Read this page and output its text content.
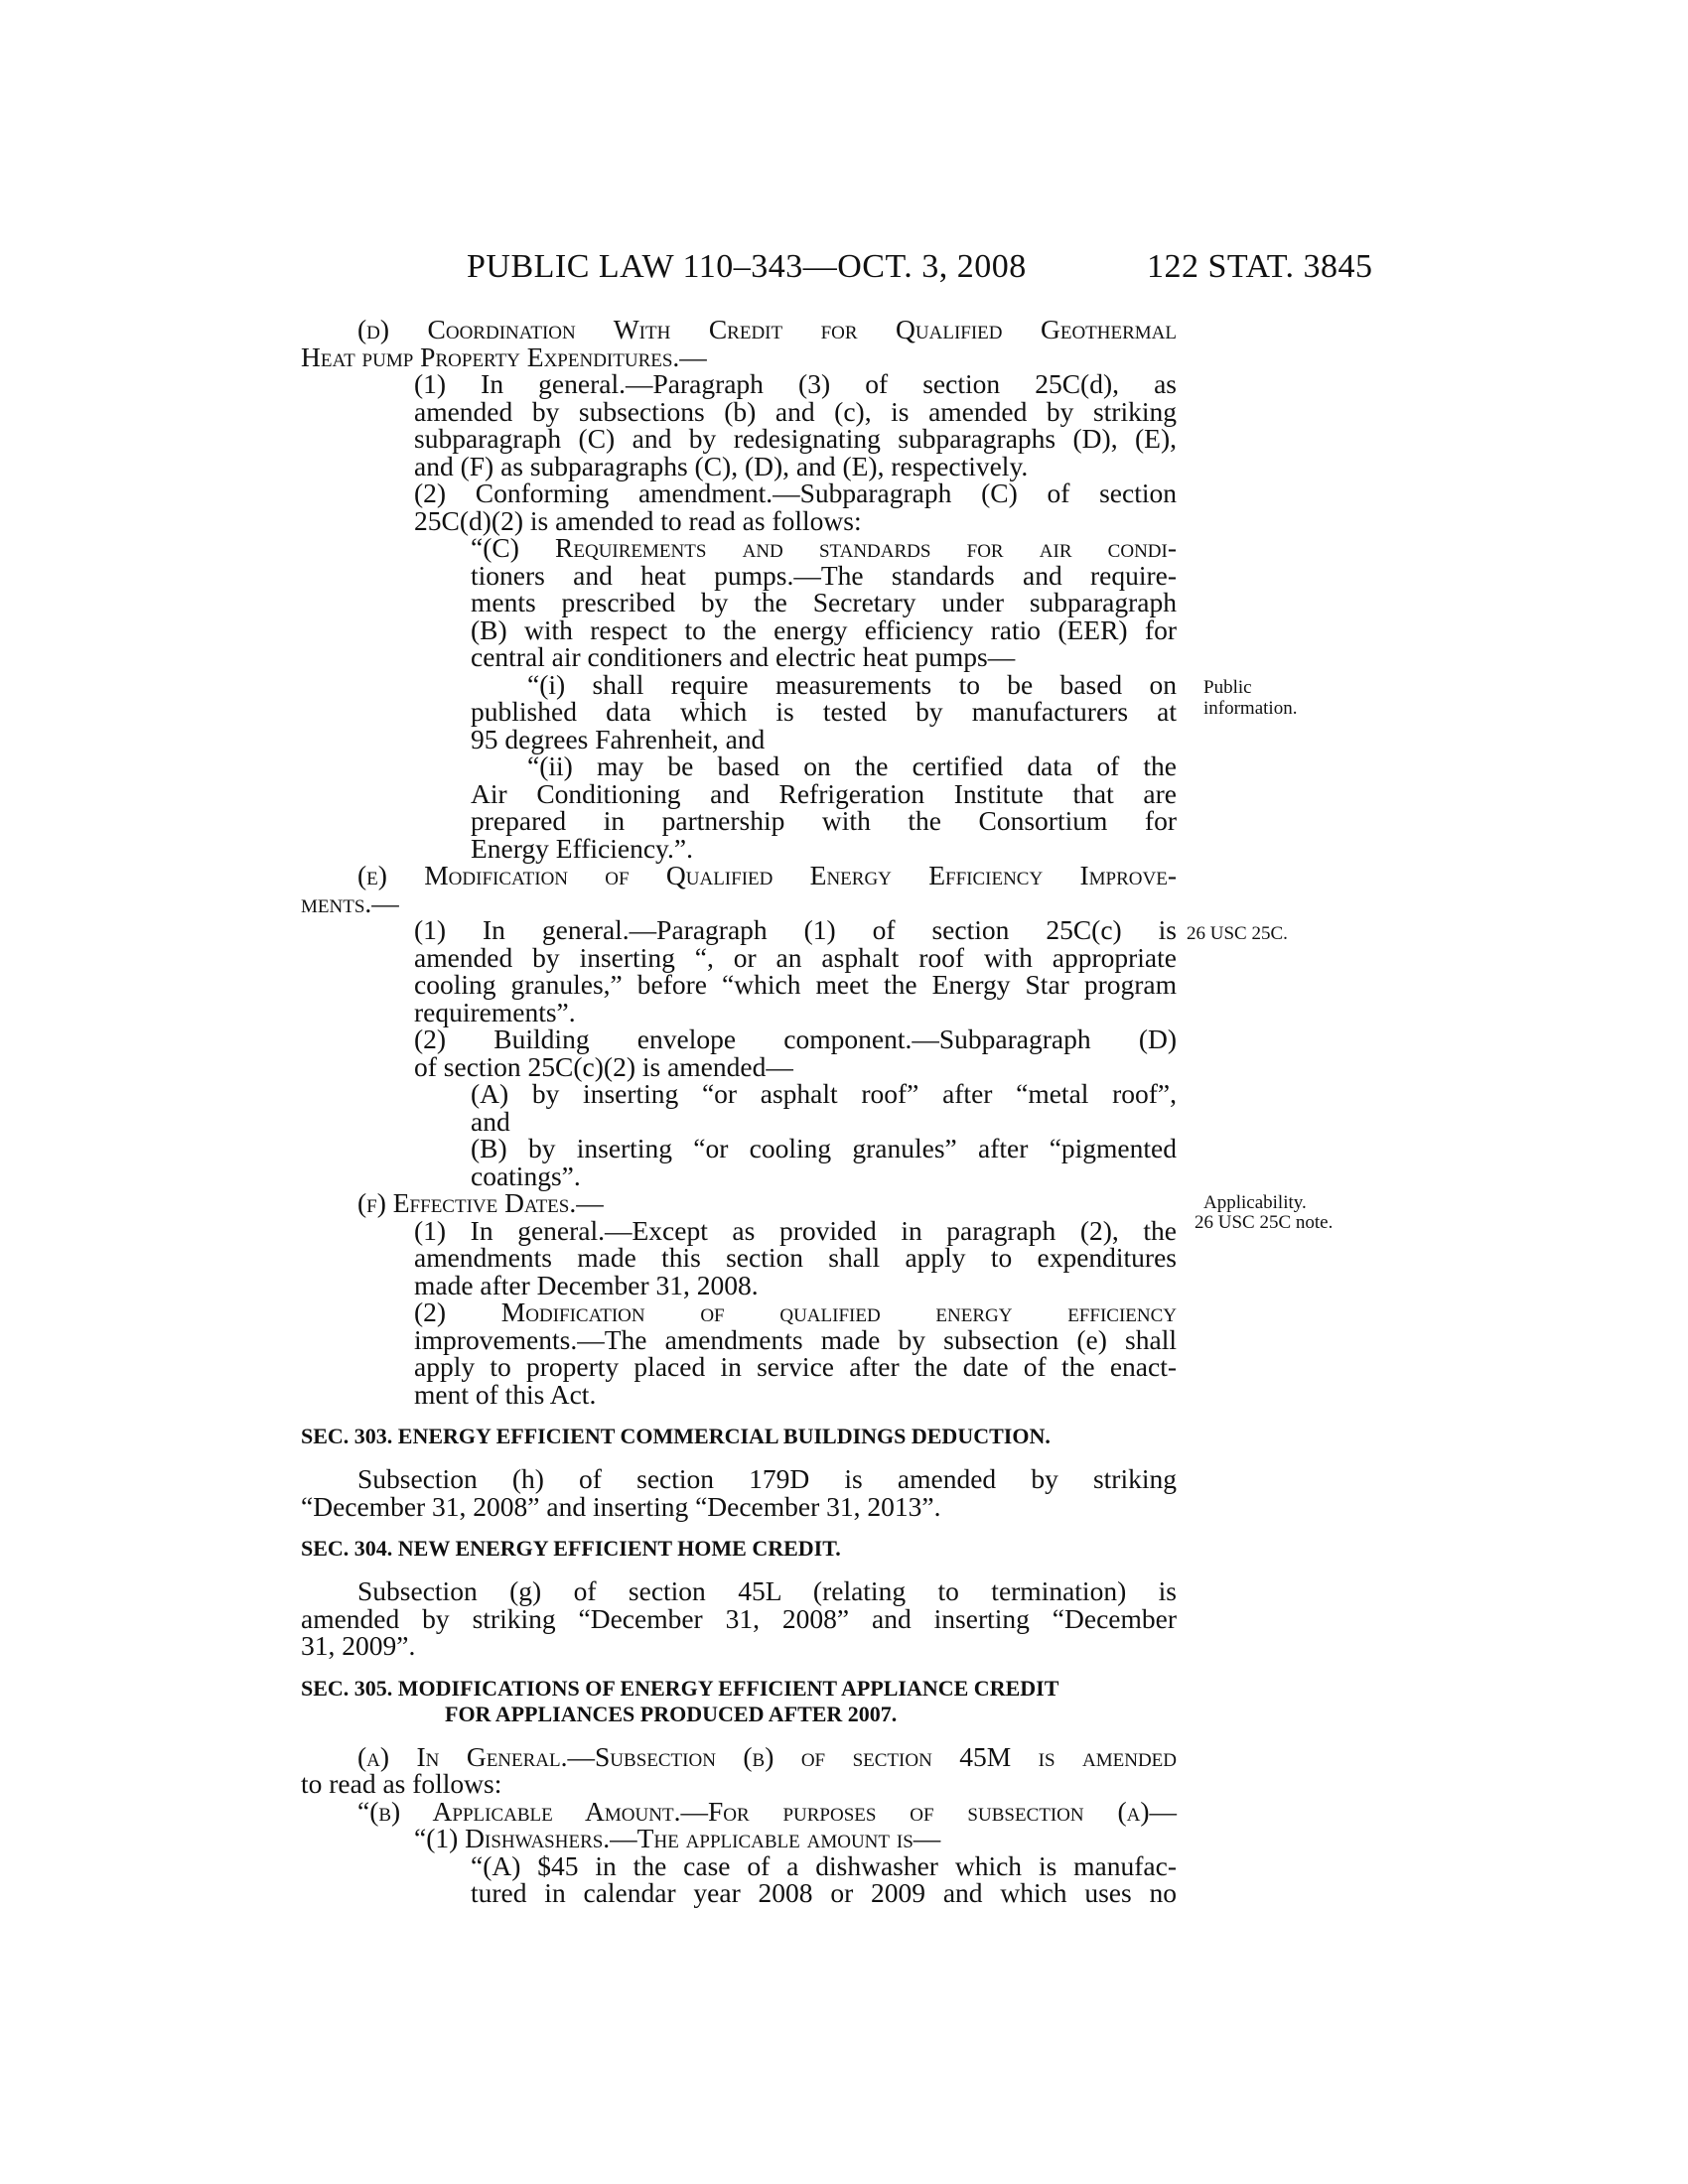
PUBLIC LAW 110–343—OCT. 3, 2008	122 STAT. 3845
Public
information.
26 USC 25C.
Applicability.
26 USC 25C note.
(d) Coordination With Credit for Qualified Geothermal
Heat pump Property Expenditures.—
(1) In general.—Paragraph (3) of section 25C(d), as
amended by subsections (b) and (c), is amended by striking
subparagraph (C) and by redesignating subparagraphs (D), (E),
and (F) as subparagraphs (C), (D), and (E), respectively.
(2) Conforming amendment.—Subparagraph (C) of section
25C(d)(2) is amended to read as follows:
“(C) Requirements and standards for air condi-
tioners and heat pumps.—The standards and require-
ments prescribed by the Secretary under subparagraph
(B) with respect to the energy efficiency ratio (EER) for
central air conditioners and electric heat pumps—
“(i) shall require measurements to be based on
published data which is tested by manufacturers at
95 degrees Fahrenheit, and
“(ii) may be based on the certified data of the
Air Conditioning and Refrigeration Institute that are
prepared in partnership with the Consortium for
Energy Efficiency.”.
(e) Modification of Qualified Energy Efficiency Improve-
ments.—
(1) In general.—Paragraph (1) of section 25C(c) is
amended by inserting “, or an asphalt roof with appropriate
cooling granules,” before “which meet the Energy Star program
requirements”.
(2) Building envelope component.—Subparagraph (D)
of section 25C(c)(2) is amended—
(A) by inserting “or asphalt roof” after “metal roof”,
and
(B) by inserting “or cooling granules” after “pigmented
coatings”.
(f) Effective Dates.—
(1) In general.—Except as provided in paragraph (2), the
amendments made this section shall apply to expenditures
made after December 31, 2008.
(2) Modification of qualified energy efficiency
improvements.—The amendments made by subsection (e) shall
apply to property placed in service after the date of the enact-
ment of this Act.
SEC. 303. ENERGY EFFICIENT COMMERCIAL BUILDINGS DEDUCTION.
Subsection (h) of section 179D is amended by striking
“December 31, 2008” and inserting “December 31, 2013”.
SEC. 304. NEW ENERGY EFFICIENT HOME CREDIT.
Subsection (g) of section 45L (relating to termination) is
amended by striking “December 31, 2008” and inserting “December
31, 2009”.
SEC. 305. MODIFICATIONS OF ENERGY EFFICIENT APPLIANCE CREDIT
FOR APPLIANCES PRODUCED AFTER 2007.
(a) In General.—Subsection (b) of section 45M is amended
to read as follows:
“(b) Applicable Amount.—For purposes of subsection (a)—
“(1) Dishwashers.—The applicable amount is—
“(A) $45 in the case of a dishwasher which is manufac-
tured in calendar year 2008 or 2009 and which uses no
